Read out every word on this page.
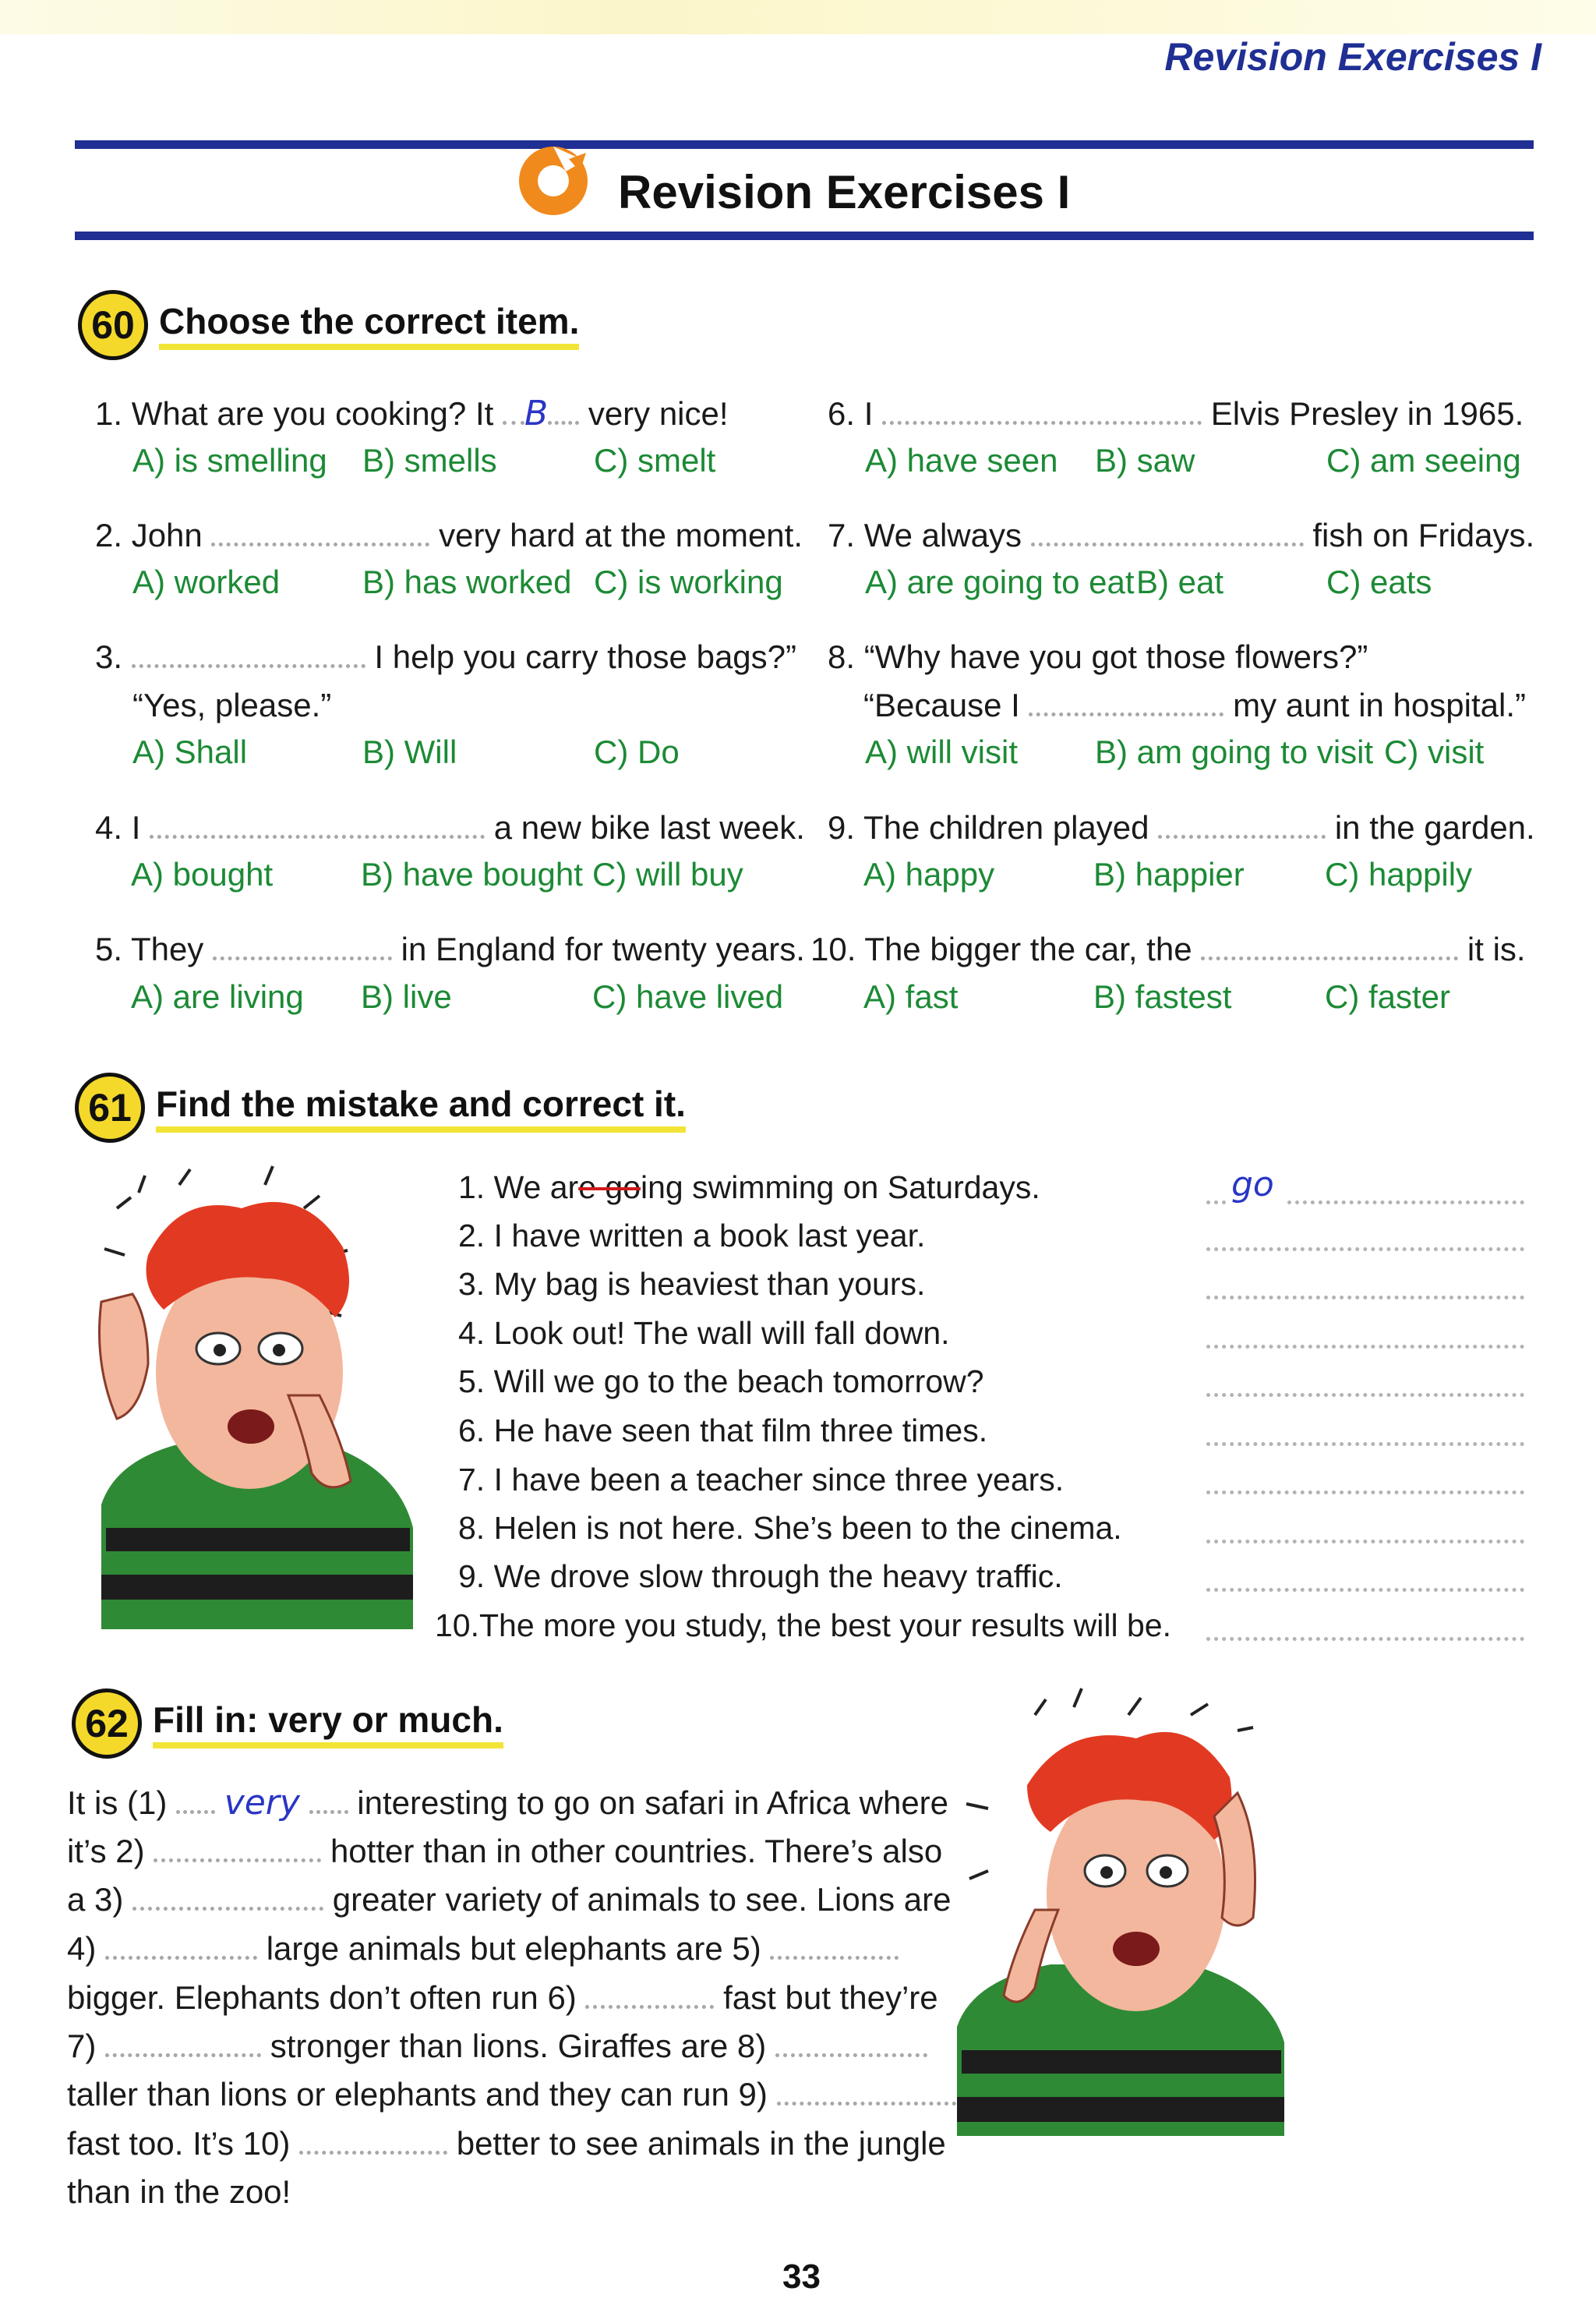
Revision Exercises I
Revision Exercises I
60 Choose the correct item.
1. What are you cooking? It B very nice!
A) is smelling B) smells	C) smelt
2. John	very hard at the moment.
A) worked	B) has worked C) is working
3.	I help you carry those bags?”
“Yes, please.”
A) Shall	B) Will	C) Do
4. I	a new bike last week.
A) bought	B) have bought C) will buy
5. They	in England for twenty years.
A) are living B) live	C) have lived
6. I	Elvis Presley in 1965.
A) have seen B) saw	C) am seeing
7. We always	fish on Fridays.
A) are going to eat B) eat	C) eats
8. “Why have you got those flowers?”
“Because I	my aunt in hospital.”
A) will visit B) am going to visit C) visit
9. The children played	in the garden.
A) happy	B) happier C) happily
10. The bigger the car, the	it is.
A) fast	B) fastest	C) faster
61 Find the mistake and correct it.
1. We are going swimming on Saturdays.
2. I have written a book last year.
3. My bag is heaviest than yours.
4. Look out! The wall will fall down.
5. Will we go to the beach tomorrow?
6. He have seen that film three times.
7. I have been a teacher since three years.
8. Helen is not here. She’s been to the cinema.
9. We drove slow through the heavy traffic.
10.The more you study, the best your results will be.
go
62 Fill in: very or much.
It is (1) very interesting to go on safari in Africa where
it’s 2)	hotter than in other countries. There’s also
a 3)	greater variety of animals to see. Lions are
4)	large animals but elephants are 5)
bigger. Elephants don’t often run 6)	fast but they’re
7)	stronger than lions. Giraffes are 8)
taller than lions or elephants and they can run 9)
fast too. It’s 10)	better to see animals in the jungle
than in the zoo!
33
